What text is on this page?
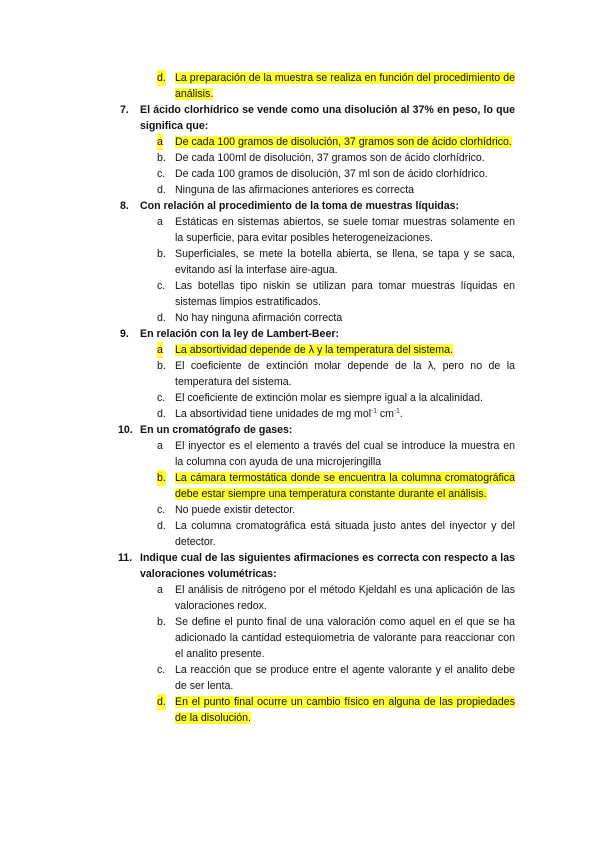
d. La preparación de la muestra se realiza en función del procedimiento de análisis.
7. El ácido clorhídrico se vende como una disolución al 37% en peso, lo que significa que:
a De cada 100 gramos de disolución, 37 gramos son de ácido clorhídrico.
b. De cada 100ml de disolución, 37 gramos son de ácido clorhídrico.
c. De cada 100 gramos de disolución, 37 ml son de ácido clorhídrico.
d. Ninguna de las afirmaciones anteriores es correcta
8. Con relación al procedimiento de la toma de muestras líquidas:
a Estáticas en sistemas abiertos, se suele tomar muestras solamente en la superficie, para evitar posibles heterogeneizaciones.
b. Superficiales, se mete la botella abierta, se llena, se tapa y se saca, evitando así la interfase aire-agua.
c. Las botellas tipo niskin se utilizan para tomar muestras líquidas en sistemas limpios estratificados.
d. No hay ninguna afirmación correcta
9. En relación con la ley de Lambert-Beer:
a La absortividad depende de λ y la temperatura del sistema.
b. El coeficiente de extinción molar depende de la λ, pero no de la temperatura del sistema.
c. El coeficiente de extinción molar es siempre igual a la alcalinidad.
d. La absortividad tiene unidades de mg mol$^{-1}$ $cm^{-1}$.
10. En un cromatógrafo de gases:
a El inyector es el elemento a través del cual se introduce la muestra en la columna con ayuda de una microjeringilla
b. La cámara termostática donde se encuentra la columna cromatográfica debe estar siempre una temperatura constante durante el análisis.
c. No puede existir detector.
d. La columna cromatográfica está situada justo antes del inyector y del detector.
11. Indique cual de las siguientes afirmaciones es correcta con respecto a las valoraciones volumétricas:
a El análisis de nitrógeno por el método Kjeldahl es una aplicación de las valoraciones redox.
b. Se define el punto final de una valoración como aquel en el que se ha adicionado la cantidad estequiometria de valorante para reaccionar con el analito presente.
c. La reacción que se produce entre el agente valorante y el analito debe de ser lenta.
d. En el punto final ocurre un cambio físico en alguna de las propiedades de la disolución.
